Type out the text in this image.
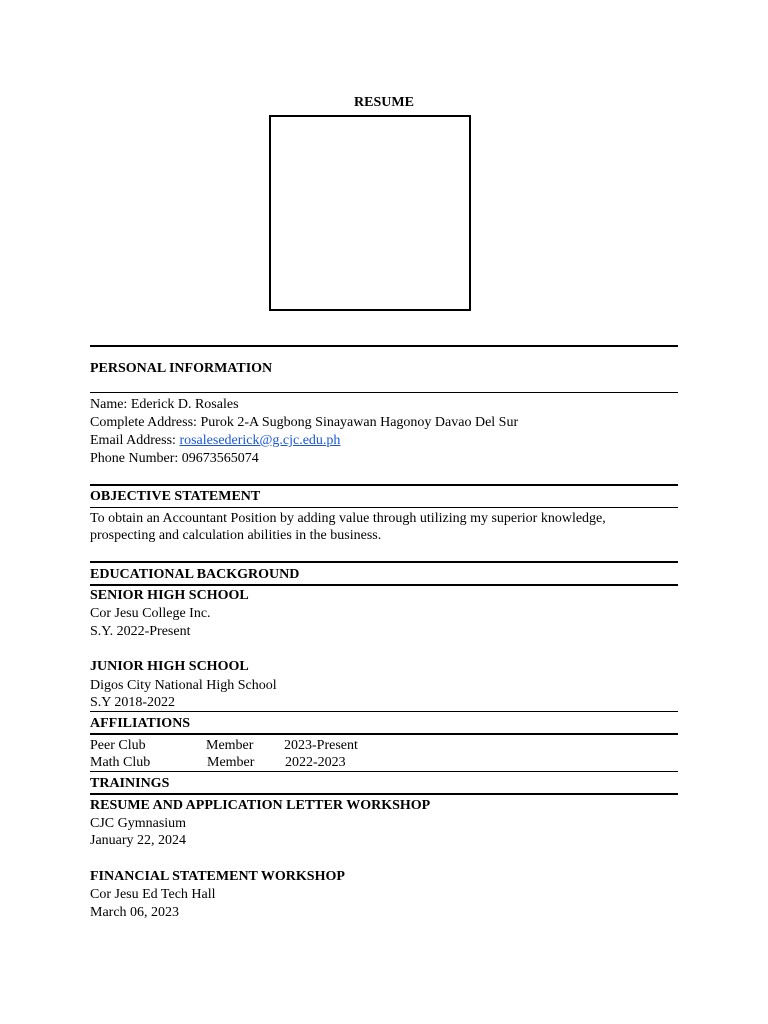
RESUME
PERSONAL INFORMATION
Name: Ederick D. Rosales
Complete Address: Purok 2-A Sugbong Sinayawan Hagonoy Davao Del Sur
Email Address: rosalesederick@g.cjc.edu.ph
Phone Number: 09673565074
OBJECTIVE STATEMENT
To obtain an Accountant Position by adding value through utilizing my superior knowledge,
prospecting and calculation abilities in the business.
EDUCATIONAL BACKGROUND
SENIOR HIGH SCHOOL
Cor Jesu College Inc.
S.Y. 2022-Present
JUNIOR HIGH SCHOOL
Digos City National High School
S.Y 2018-2022
AFFILIATIONS
Peer Club	Member 2023-Present
Math Club	Member 2022-2023
TRAININGS
RESUME AND APPLICATION LETTER WORKSHOP
CJC Gymnasium
January 22, 2024
FINANCIAL STATEMENT WORKSHOP
Cor Jesu Ed Tech Hall
March 06, 2023
